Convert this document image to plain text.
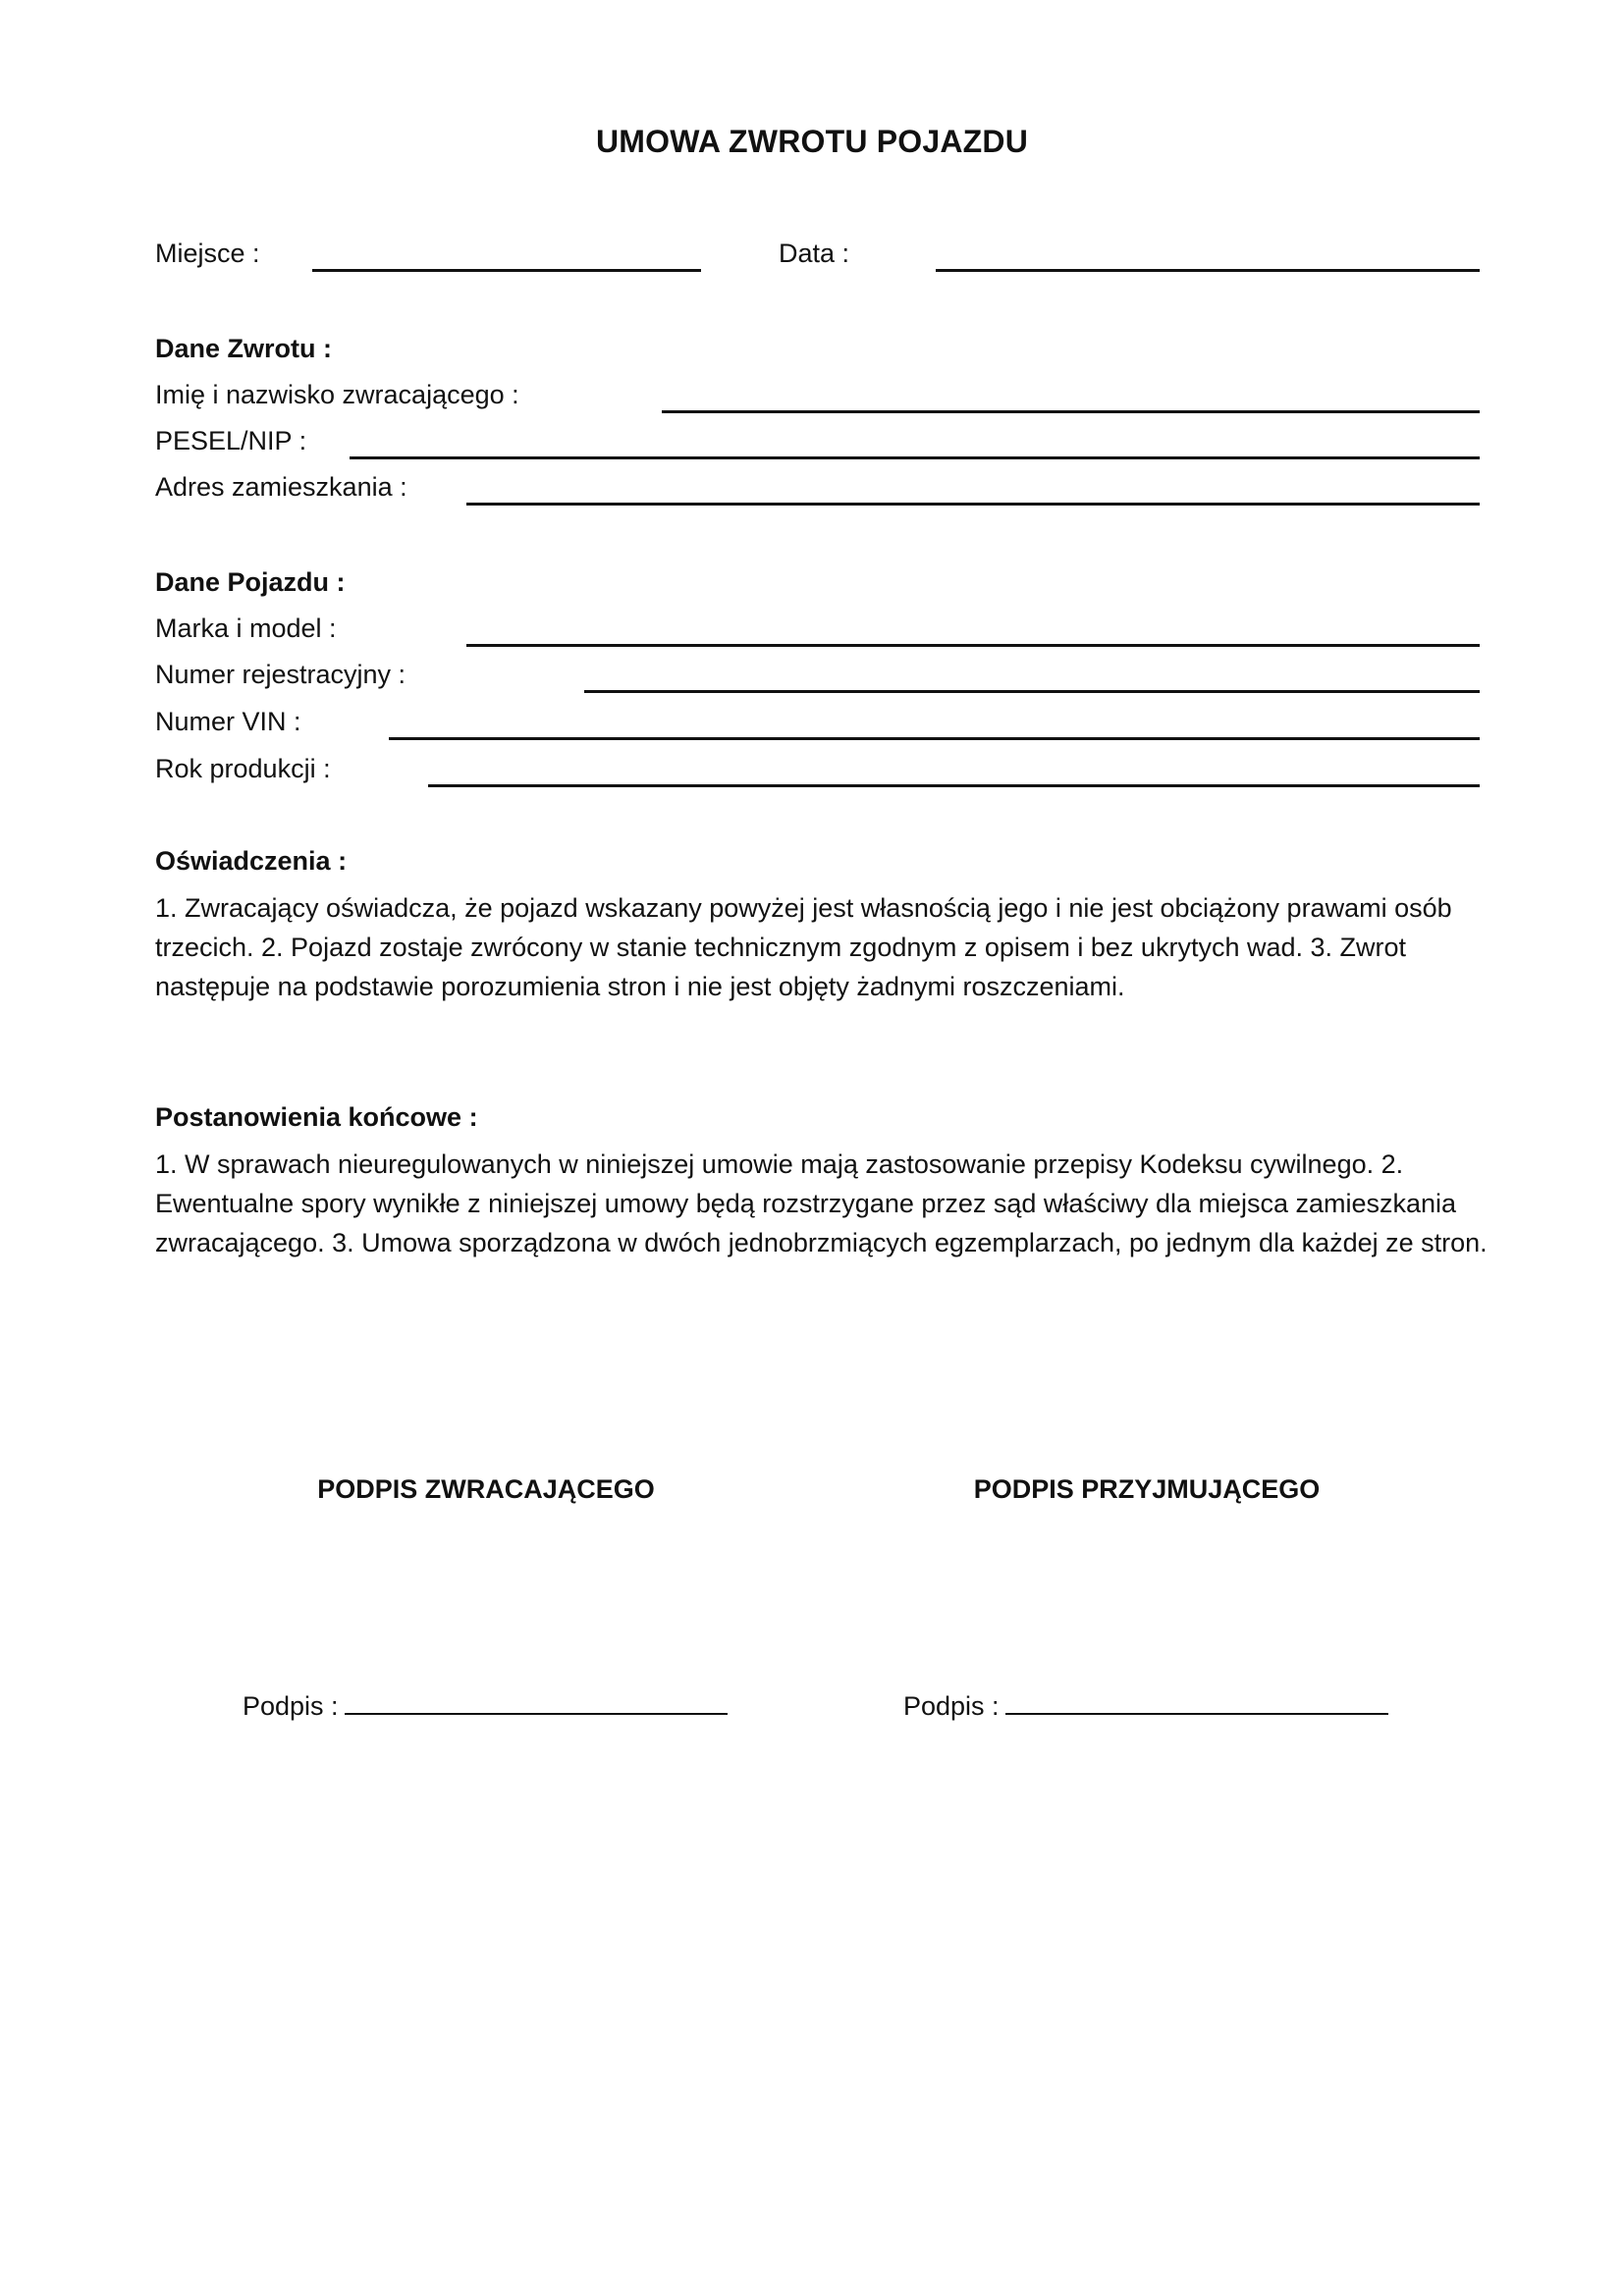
UMOWA ZWROTU POJAZDU
Miejsce :	Data :
Dane Zwrotu :
Imię i nazwisko zwracającego :
PESEL/NIP :
Adres zamieszkania :
Dane Pojazdu :
Marka i model :
Numer rejestracyjny :
Numer VIN :
Rok produkcji :
Oświadczenia :
1. Zwracający oświadcza, że pojazd wskazany powyżej jest własnością jego i nie jest obciążony prawami osób trzecich. 2. Pojazd zostaje zwrócony w stanie technicznym zgodnym z opisem i bez ukrytych wad. 3. Zwrot następuje na podstawie porozumienia stron i nie jest objęty żadnymi roszczeniami.
Postanowienia końcowe :
1. W sprawach nieuregulowanych w niniejszej umowie mają zastosowanie przepisy Kodeksu cywilnego. 2. Ewentualne spory wynikłe z niniejszej umowy będą rozstrzygane przez sąd właściwy dla miejsca zamieszkania zwracającego. 3. Umowa sporządzona w dwóch jednobrzmiących egzemplarzach, po jednym dla każdej ze stron.
PODPIS ZWRACAJĄCEGO	PODPIS PRZYJMUJĄCEGO
Podpis :	Podpis :
